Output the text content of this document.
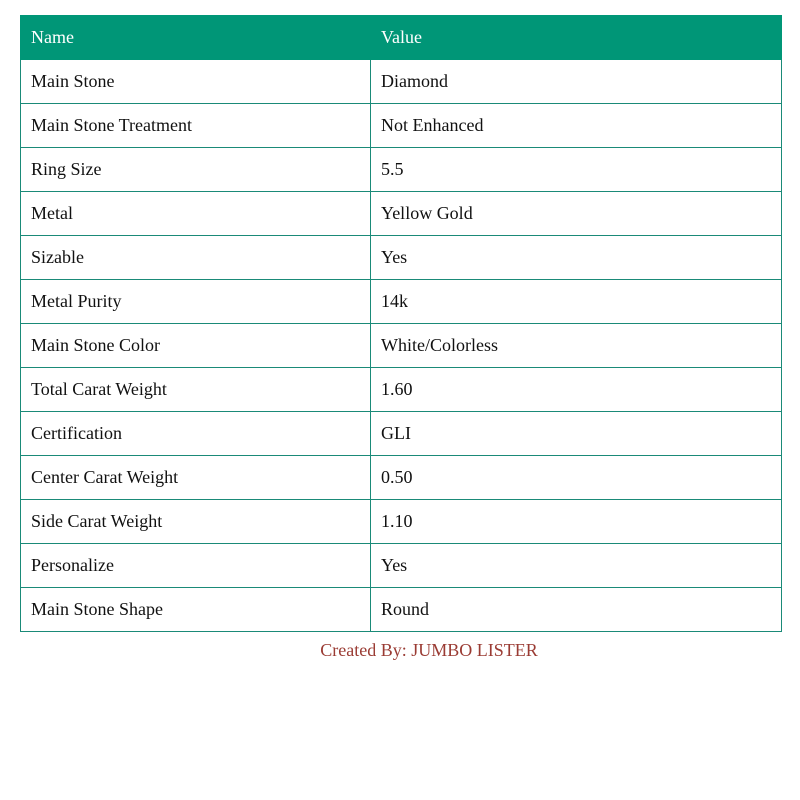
Name	Value
Main Stone	Diamond
Main Stone Treatment	Not Enhanced
Ring Size	5.5
Metal	Yellow Gold
Sizable	Yes
Metal Purity	14k
Main Stone Color	White/Colorless
Total Carat Weight	1.60
Certification	GLI
Center Carat Weight	0.50
Side Carat Weight	1.10
Personalize	Yes
Main Stone Shape	Round
Created By: JUMBO LISTER
